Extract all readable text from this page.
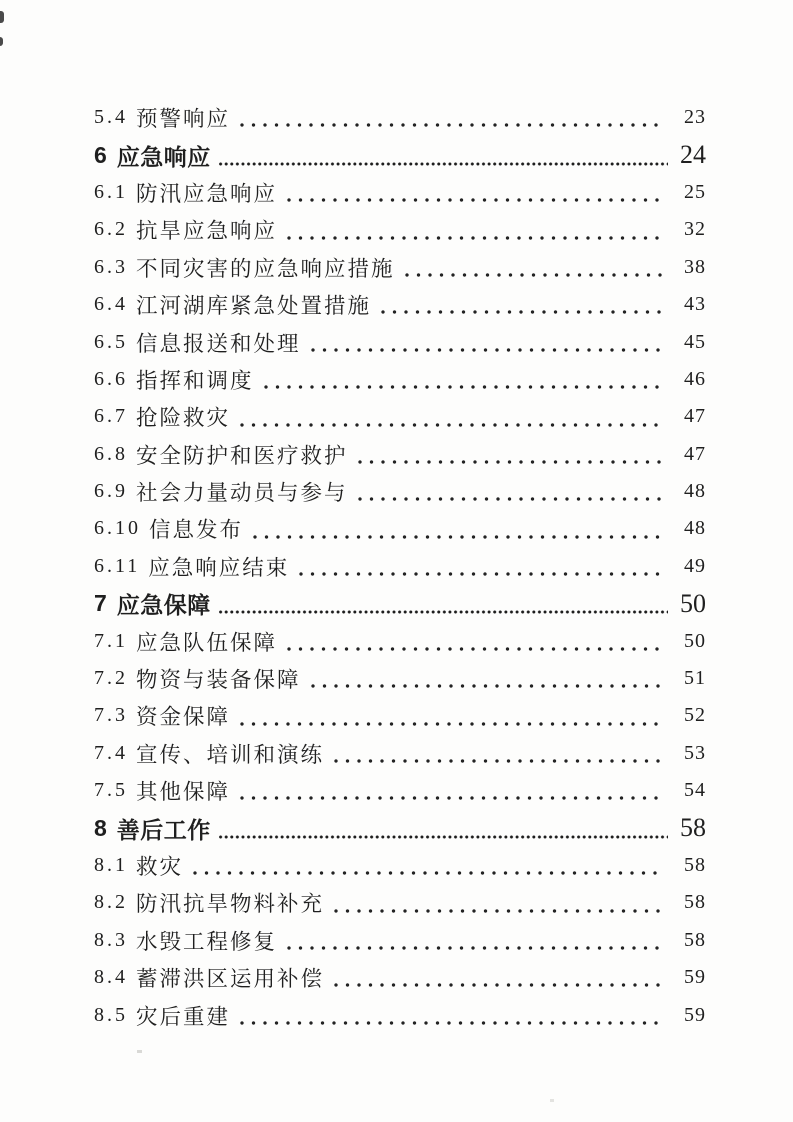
5.4 预警响应	23
6 应急响应	24
6.1 防汛应急响应	25
6.2 抗旱应急响应	32
6.3 不同灾害的应急响应措施	38
6.4 江河湖库紧急处置措施	43
6.5 信息报送和处理	45
6.6 指挥和调度	46
6.7 抢险救灾	47
6.8 安全防护和医疗救护	47
6.9 社会力量动员与参与	48
6.10 信息发布	48
6.11 应急响应结束	49
7 应急保障	50
7.1 应急队伍保障	50
7.2 物资与装备保障	51
7.3 资金保障	52
7.4 宣传、培训和演练	53
7.5 其他保障	54
8 善后工作	58
8.1 救灾	58
8.2 防汛抗旱物料补充	58
8.3 水毁工程修复	58
8.4 蓄滞洪区运用补偿	59
8.5 灾后重建	59
